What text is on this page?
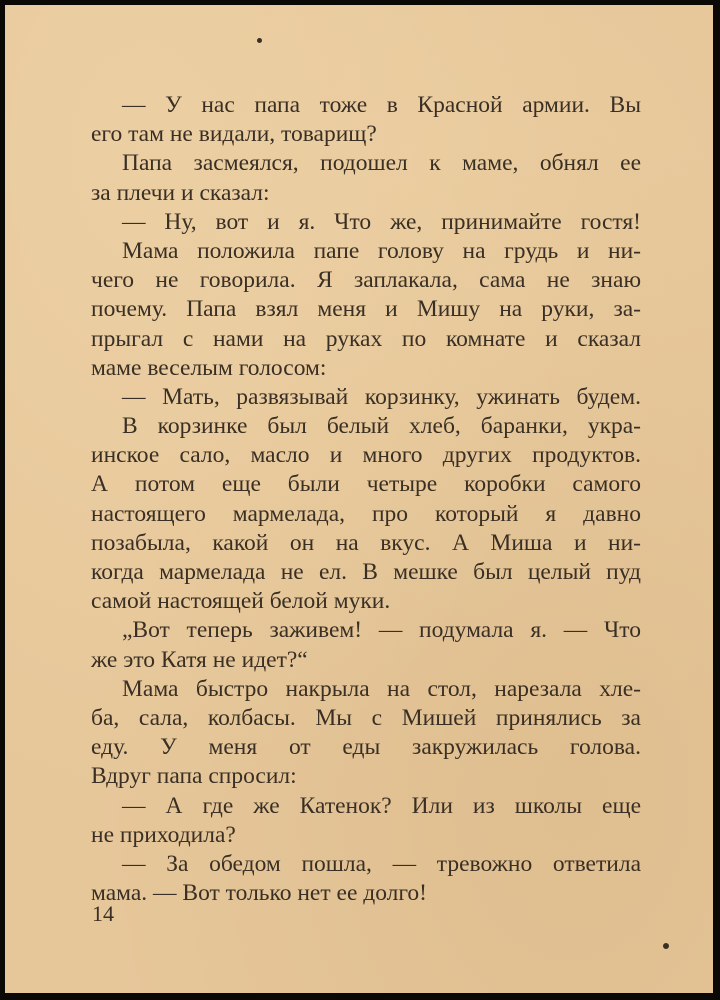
— У нас папа тоже в Красной армии. Вы
его там не видали, товарищ?
Папа засмеялся, подошел к маме, обнял ее
за плечи и сказал:
— Ну, вот и я. Что же, принимайте гостя!
Мама положила папе голову на грудь и ни-
чего не говорила. Я заплакала, сама не знаю
почему. Папа взял меня и Мишу на руки, за-
прыгал с нами на руках по комнате и сказал
маме веселым голосом:
— Мать, развязывай корзинку, ужинать будем.
В корзинке был белый хлеб, баранки, укра-
инское сало, масло и много других продуктов.
А потом еще были четыре коробки самого
настоящего мармелада, про который я давно
позабыла, какой он на вкус. А Миша и ни-
когда мармелада не ел. В мешке был целый пуд
самой настоящей белой муки.
„Вот теперь заживем! — подумала я. — Что
же это Катя не идет?“
Мама быстро накрыла на стол, нарезала хле-
ба, сала, колбасы. Мы с Мишей принялись за
еду. У меня от еды закружилась голова.
Вдруг папа спросил:
— А где же Катенок? Или из школы еще
не приходила?
— За обедом пошла, — тревожно ответила
мама. — Вот только нет ее долго!
14
